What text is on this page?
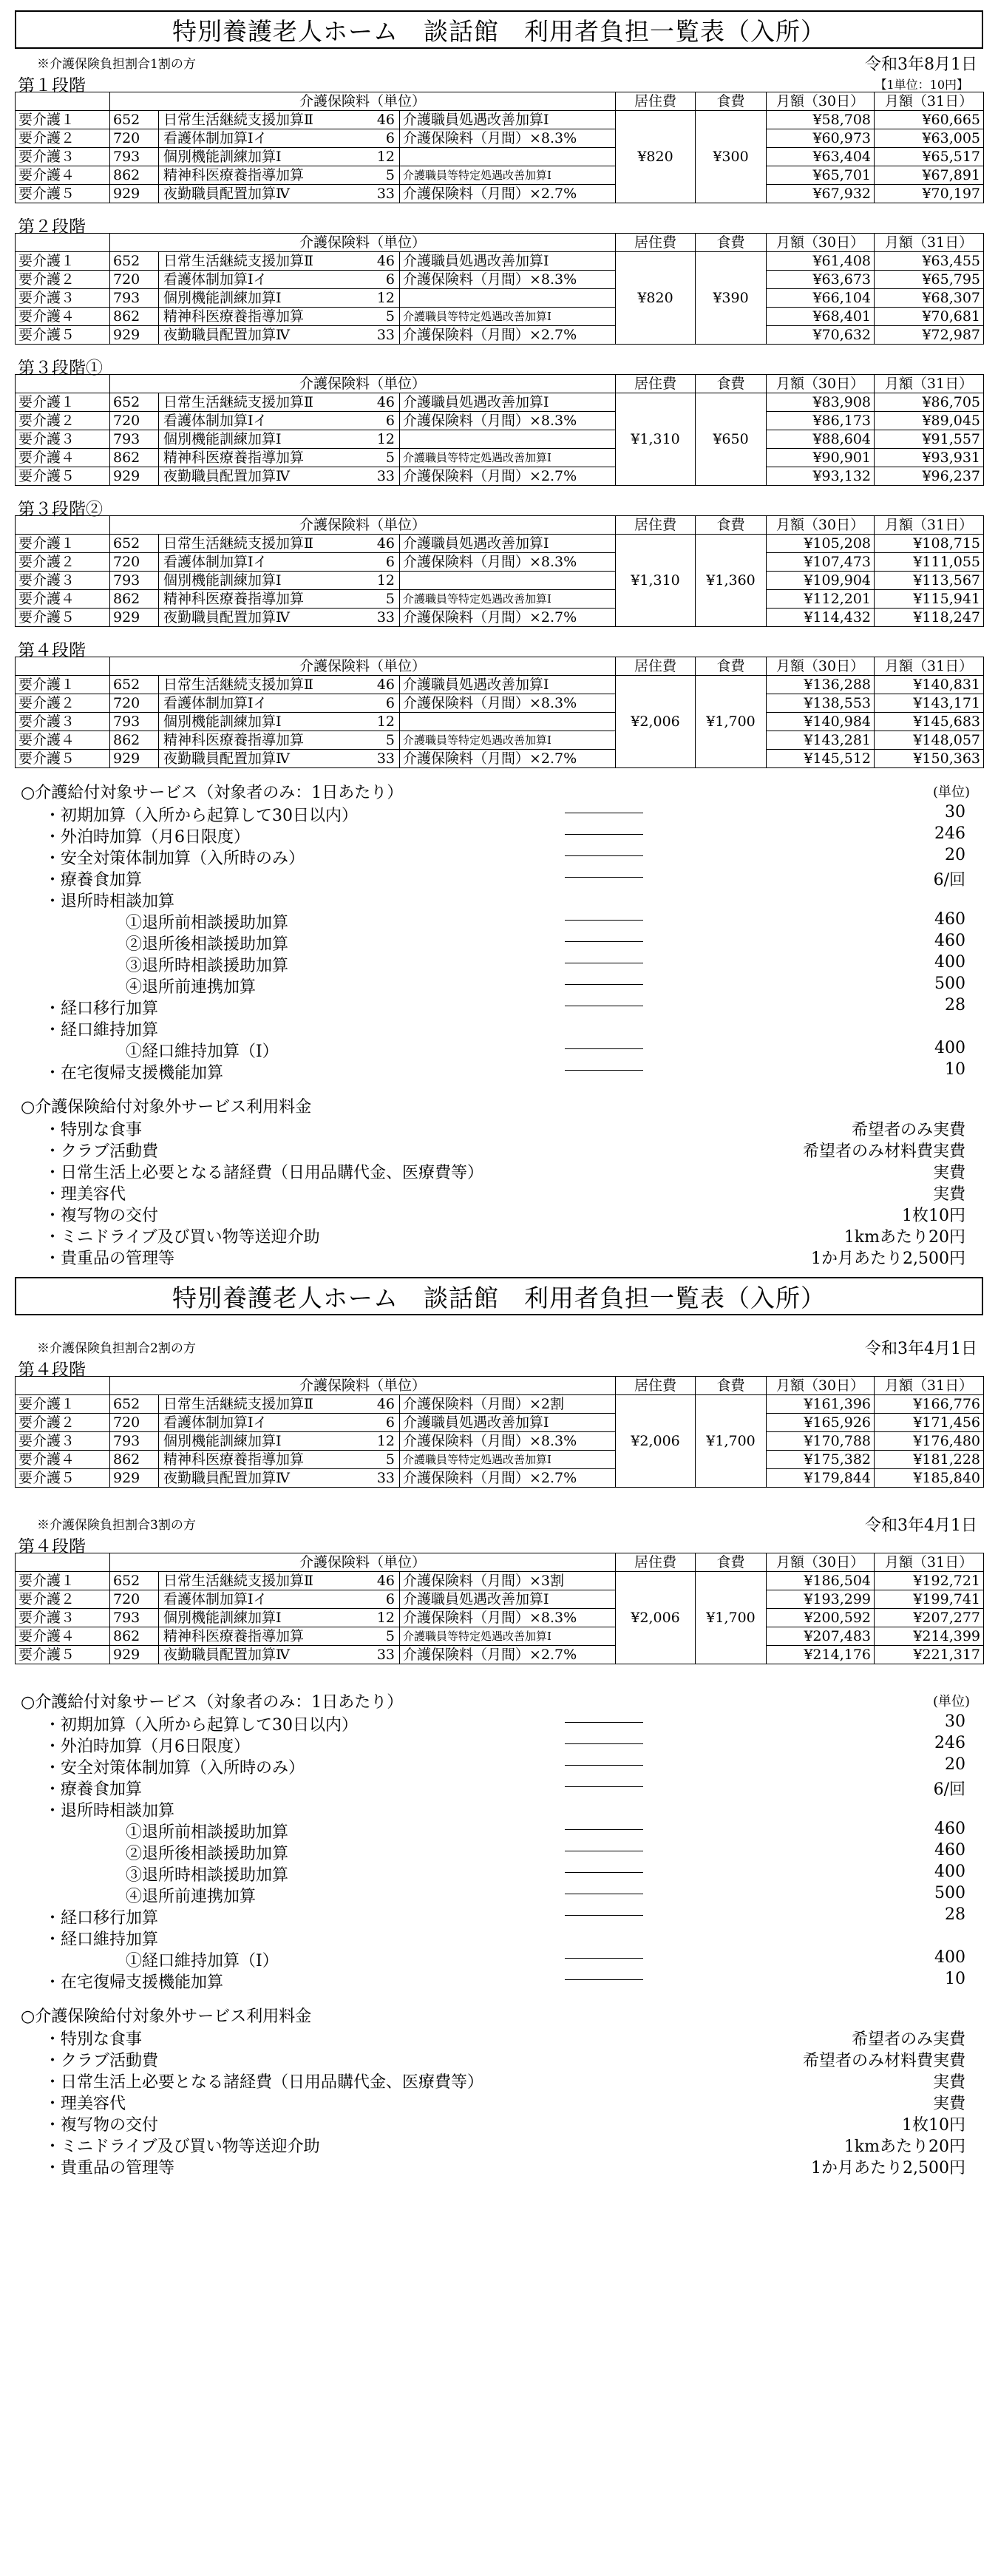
特別養護老人ホーム　談話館　利用者負担一覧表（入所）
※介護保険負担割合1割の方	令和3年8月1日
第１段階	【1単位：10円】
	介護保険料（単位）			居住費	食費	月額（30日）	月額（31日）
要介護１	652	日常生活継続支援加算Ⅱ 46	介護職員処遇改善加算Ⅰ	¥820	¥300	¥58,708	¥60,665
要介護２	720	看護体制加算Ⅰイ 6	介護保険料（月間）×8.3%			¥60,973	¥63,005
要介護３	793	個別機能訓練加算Ⅰ 12				¥63,404	¥65,517
要介護４	862	精神科医療養指導加算 5	介護職員等特定処遇改善加算Ⅰ			¥65,701	¥67,891
要介護５	929	夜勤職員配置加算Ⅳ 33	介護保険料（月間）×2.7%			¥67,932	¥70,197
第２段階
	介護保険料（単位）			居住費	食費	月額（30日）	月額（31日）
要介護１	652	日常生活継続支援加算Ⅱ 46	介護職員処遇改善加算Ⅰ	¥820	¥390	¥61,408	¥63,455
要介護２	720	看護体制加算Ⅰイ 6	介護保険料（月間）×8.3%			¥63,673	¥65,795
要介護３	793	個別機能訓練加算Ⅰ 12				¥66,104	¥68,307
要介護４	862	精神科医療養指導加算 5	介護職員等特定処遇改善加算Ⅰ			¥68,401	¥70,681
要介護５	929	夜勤職員配置加算Ⅳ 33	介護保険料（月間）×2.7%			¥70,632	¥72,987
第３段階①
	介護保険料（単位）			居住費	食費	月額（30日）	月額（31日）
要介護１	652	日常生活継続支援加算Ⅱ 46	介護職員処遇改善加算Ⅰ	¥1,310	¥650	¥83,908	¥86,705
要介護２	720	看護体制加算Ⅰイ 6	介護保険料（月間）×8.3%			¥86,173	¥89,045
要介護３	793	個別機能訓練加算Ⅰ 12				¥88,604	¥91,557
要介護４	862	精神科医療養指導加算 5	介護職員等特定処遇改善加算Ⅰ			¥90,901	¥93,931
要介護５	929	夜勤職員配置加算Ⅳ 33	介護保険料（月間）×2.7%			¥93,132	¥96,237
第３段階②
	介護保険料（単位）			居住費	食費	月額（30日）	月額（31日）
要介護１	652	日常生活継続支援加算Ⅱ 46	介護職員処遇改善加算Ⅰ	¥1,310	¥1,360	¥105,208	¥108,715
要介護２	720	看護体制加算Ⅰイ 6	介護保険料（月間）×8.3%			¥107,473	¥111,055
要介護３	793	個別機能訓練加算Ⅰ 12				¥109,904	¥113,567
要介護４	862	精神科医療養指導加算 5	介護職員等特定処遇改善加算Ⅰ			¥112,201	¥115,941
要介護５	929	夜勤職員配置加算Ⅳ 33	介護保険料（月間）×2.7%			¥114,432	¥118,247
第４段階
	介護保険料（単位）			居住費	食費	月額（30日）	月額（31日）
要介護１	652	日常生活継続支援加算Ⅱ 46	介護職員処遇改善加算Ⅰ	¥2,006	¥1,700	¥136,288	¥140,831
要介護２	720	看護体制加算Ⅰイ 6	介護保険料（月間）×8.3%			¥138,553	¥143,171
要介護３	793	個別機能訓練加算Ⅰ 12				¥140,984	¥145,683
要介護４	862	精神科医療養指導加算 5	介護職員等特定処遇改善加算Ⅰ			¥143,281	¥148,057
要介護５	929	夜勤職員配置加算Ⅳ 33	介護保険料（月間）×2.7%			¥145,512	¥150,363
○介護給付対象サービス（対象者のみ：1日あたり）	(単位)
・初期加算（入所から起算して30日以内）	30
・外泊時加算（月6日限度）	246
・安全対策体制加算（入所時のみ）	20
・療養食加算	6/回
・退所時相談加算
①退所前相談援助加算	460
②退所後相談援助加算	460
③退所時相談援助加算	400
④退所前連携加算	500
・経口移行加算	28
・経口維持加算
①経口維持加算（Ⅰ）	400
・在宅復帰支援機能加算	10
○介護保険給付対象外サービス利用料金
・特別な食事	希望者のみ実費
・クラブ活動費	希望者のみ材料費実費
・日常生活上必要となる諸経費（日用品購代金、医療費等）	実費
・理美容代	実費
・複写物の交付	1枚10円
・ミニドライブ及び買い物等送迎介助	1kmあたり20円
・貴重品の管理等	1か月あたり2,500円
特別養護老人ホーム　談話館　利用者負担一覧表（入所）
※介護保険負担割合2割の方	令和3年4月1日
第４段階
	介護保険料（単位）			居住費	食費	月額（30日）	月額（31日）
要介護１	652	日常生活継続支援加算Ⅱ 46	介護保険料（月間）×2割	¥2,006	¥1,700	¥161,396	¥166,776
要介護２	720	看護体制加算Ⅰイ 6	介護職員処遇改善加算Ⅰ			¥165,926	¥171,456
要介護３	793	個別機能訓練加算Ⅰ 12	介護保険料（月間）×8.3%			¥170,788	¥176,480
要介護４	862	精神科医療養指導加算 5	介護職員等特定処遇改善加算Ⅰ			¥175,382	¥181,228
要介護５	929	夜勤職員配置加算Ⅳ 33	介護保険料（月間）×2.7%			¥179,844	¥185,840
※介護保険負担割合3割の方	令和3年4月1日
第４段階
	介護保険料（単位）			居住費	食費	月額（30日）	月額（31日）
要介護１	652	日常生活継続支援加算Ⅱ 46	介護保険料（月間）×3割	¥2,006	¥1,700	¥186,504	¥192,721
要介護２	720	看護体制加算Ⅰイ 6	介護職員処遇改善加算Ⅰ			¥193,299	¥199,741
要介護３	793	個別機能訓練加算Ⅰ 12	介護保険料（月間）×8.3%			¥200,592	¥207,277
要介護４	862	精神科医療養指導加算 5	介護職員等特定処遇改善加算Ⅰ			¥207,483	¥214,399
要介護５	929	夜勤職員配置加算Ⅳ 33	介護保険料（月間）×2.7%			¥214,176	¥221,317
○介護給付対象サービス（対象者のみ：1日あたり）	(単位)
・初期加算（入所から起算して30日以内）	30
・外泊時加算（月6日限度）	246
・安全対策体制加算（入所時のみ）	20
・療養食加算	6/回
・退所時相談加算
①退所前相談援助加算	460
②退所後相談援助加算	460
③退所時相談援助加算	400
④退所前連携加算	500
・経口移行加算	28
・経口維持加算
①経口維持加算（Ⅰ）	400
・在宅復帰支援機能加算	10
○介護保険給付対象外サービス利用料金
・特別な食事	希望者のみ実費
・クラブ活動費	希望者のみ材料費実費
・日常生活上必要となる諸経費（日用品購代金、医療費等）	実費
・理美容代	実費
・複写物の交付	1枚10円
・ミニドライブ及び買い物等送迎介助	1kmあたり20円
・貴重品の管理等	1か月あたり2,500円
